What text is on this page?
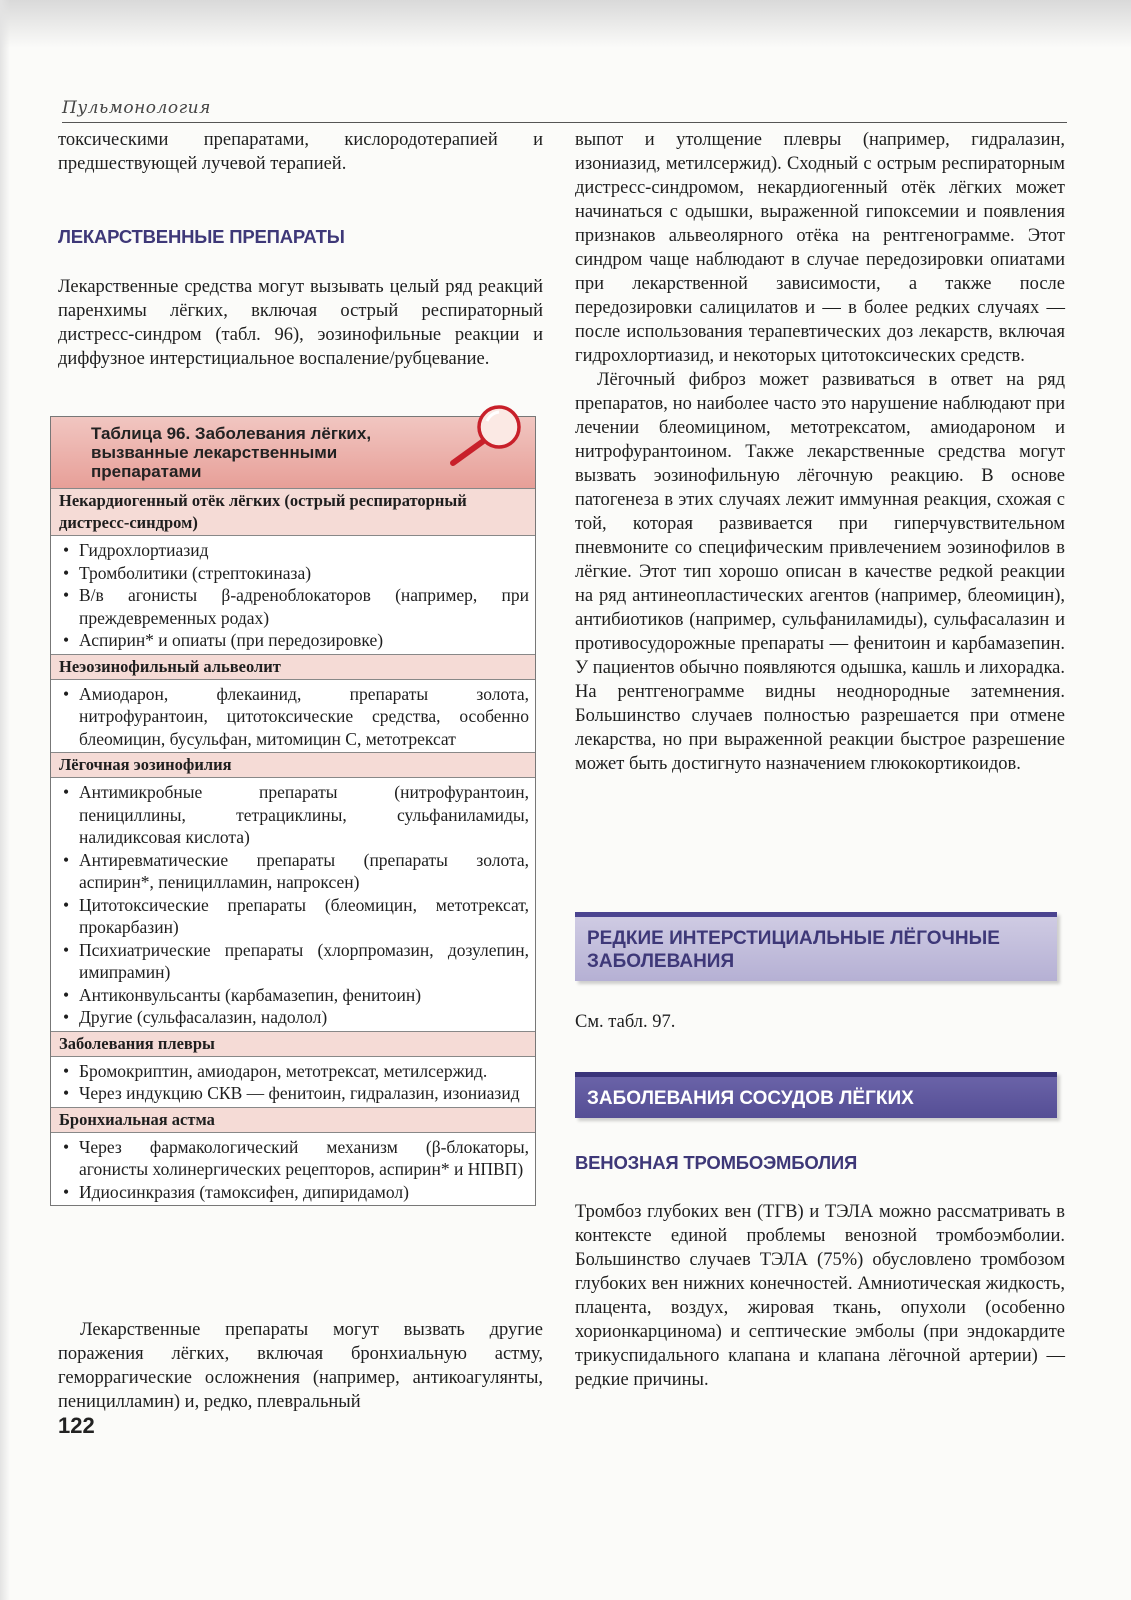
Пульмонология

токсическими препаратами, кислородотерапией и предшествующей лучевой терапией.

ЛЕКАРСТВЕННЫЕ ПРЕПАРАТЫ

Лекарственные средства могут вызывать целый ряд реакций паренхимы лёгких, включая острый респираторный дистресс-синдром (табл. 96), эозинофильные реакции и диффузное интерстициальное воспаление/рубцевание.

Таблица 96. Заболевания лёгких, вызванные лекарственными препаратами
Некардиогенный отёк лёгких (острый респираторный дистресс-синдром)
• Гидрохлортиазид
• Тромболитики (стрептокиназа)
• В/в агонисты β-адреноблокаторов (например, при преждевременных родах)
• Аспирин* и опиаты (при передозировке)
Неэозинофильный альвеолит
• Амиодарон, флекаинид, препараты золота, нитрофурантоин, цитотоксические средства, особенно блеомицин, бусульфан, митомицин С, метотрексат
Лёгочная эозинофилия
• Антимикробные препараты (нитрофурантоин, пенициллины, тетрациклины, сульфаниламиды, налидиксовая кислота)
• Антиревматические препараты (препараты золота, аспирин*, пеницилламин, напроксен)
• Цитотоксические препараты (блеомицин, метотрексат, прокарбазин)
• Психиатрические препараты (хлорпромазин, дозулепин, имипрамин)
• Антиконвульсанты (карбамазепин, фенитоин)
• Другие (сульфасалазин, надолол)
Заболевания плевры
• Бромокриптин, амиодарон, метотрексат, метилсержид.
• Через индукцию СКВ — фенитоин, гидралазин, изониазид
Бронхиальная астма
• Через фармакологический механизм (β-блокаторы, агонисты холинергических рецепторов, аспирин* и НПВП)
• Идиосинкразия (тамоксифен, дипиридамол)

Лекарственные препараты могут вызвать другие поражения лёгких, включая бронхиальную астму, геморрагические осложнения (например, антикоагулянты, пеницилламин) и, редко, плевральный

122

выпот и утолщение плевры (например, гидралазин, изониазид, метилсержид). Сходный с острым респираторным дистресс-синдромом, некардиогенный отёк лёгких может начинаться с одышки, выраженной гипоксемии и появления признаков альвеолярного отёка на рентгенограмме. Этот синдром чаще наблюдают в случае передозировки опиатами при лекарственной зависимости, а также после передозировки салицилатов и — в более редких случаях — после использования терапевтических доз лекарств, включая гидрохлортиазид, и некоторых цитотоксических средств.

Лёгочный фиброз может развиваться в ответ на ряд препаратов, но наиболее часто это нарушение наблюдают при лечении блеомицином, метотрексатом, амиодароном и нитрофурантоином. Также лекарственные средства могут вызвать эозинофильную лёгочную реакцию. В основе патогенеза в этих случаях лежит иммунная реакция, схожая с той, которая развивается при гиперчувствительном пневмоните со специфическим привлечением эозинофилов в лёгкие. Этот тип хорошо описан в качестве редкой реакции на ряд антинеопластических агентов (например, блеомицин), антибиотиков (например, сульфаниламиды), сульфасалазин и противосудорожные препараты — фенитоин и карбамазепин. У пациентов обычно появляются одышка, кашль и лихорадка. На рентгенограмме видны неоднородные затемнения. Большинство случаев полностью разрешается при отмене лекарства, но при выраженной реакции быстрое разрешение может быть достигнуто назначением глюкокортикоидов.

РЕДКИЕ ИНТЕРСТИЦИАЛЬНЫЕ ЛЁГОЧНЫЕ ЗАБОЛЕВАНИЯ

См. табл. 97.

ЗАБОЛЕВАНИЯ СОСУДОВ ЛЁГКИХ
ВЕНОЗНАЯ ТРОМБОЭМБОЛИЯ

Тромбоз глубоких вен (ТГВ) и ТЭЛА можно рассматривать в контексте единой проблемы венозной тромбоэмболии. Большинство случаев ТЭЛА (75%) обусловлено тромбозом глубоких вен нижних конечностей. Амниотическая жидкость, плацента, воздух, жировая ткань, опухоли (особенно хорионкарцинома) и септические эмболы (при эндокардите трикуспидального клапана и клапана лёгочной артерии) — редкие причины.
